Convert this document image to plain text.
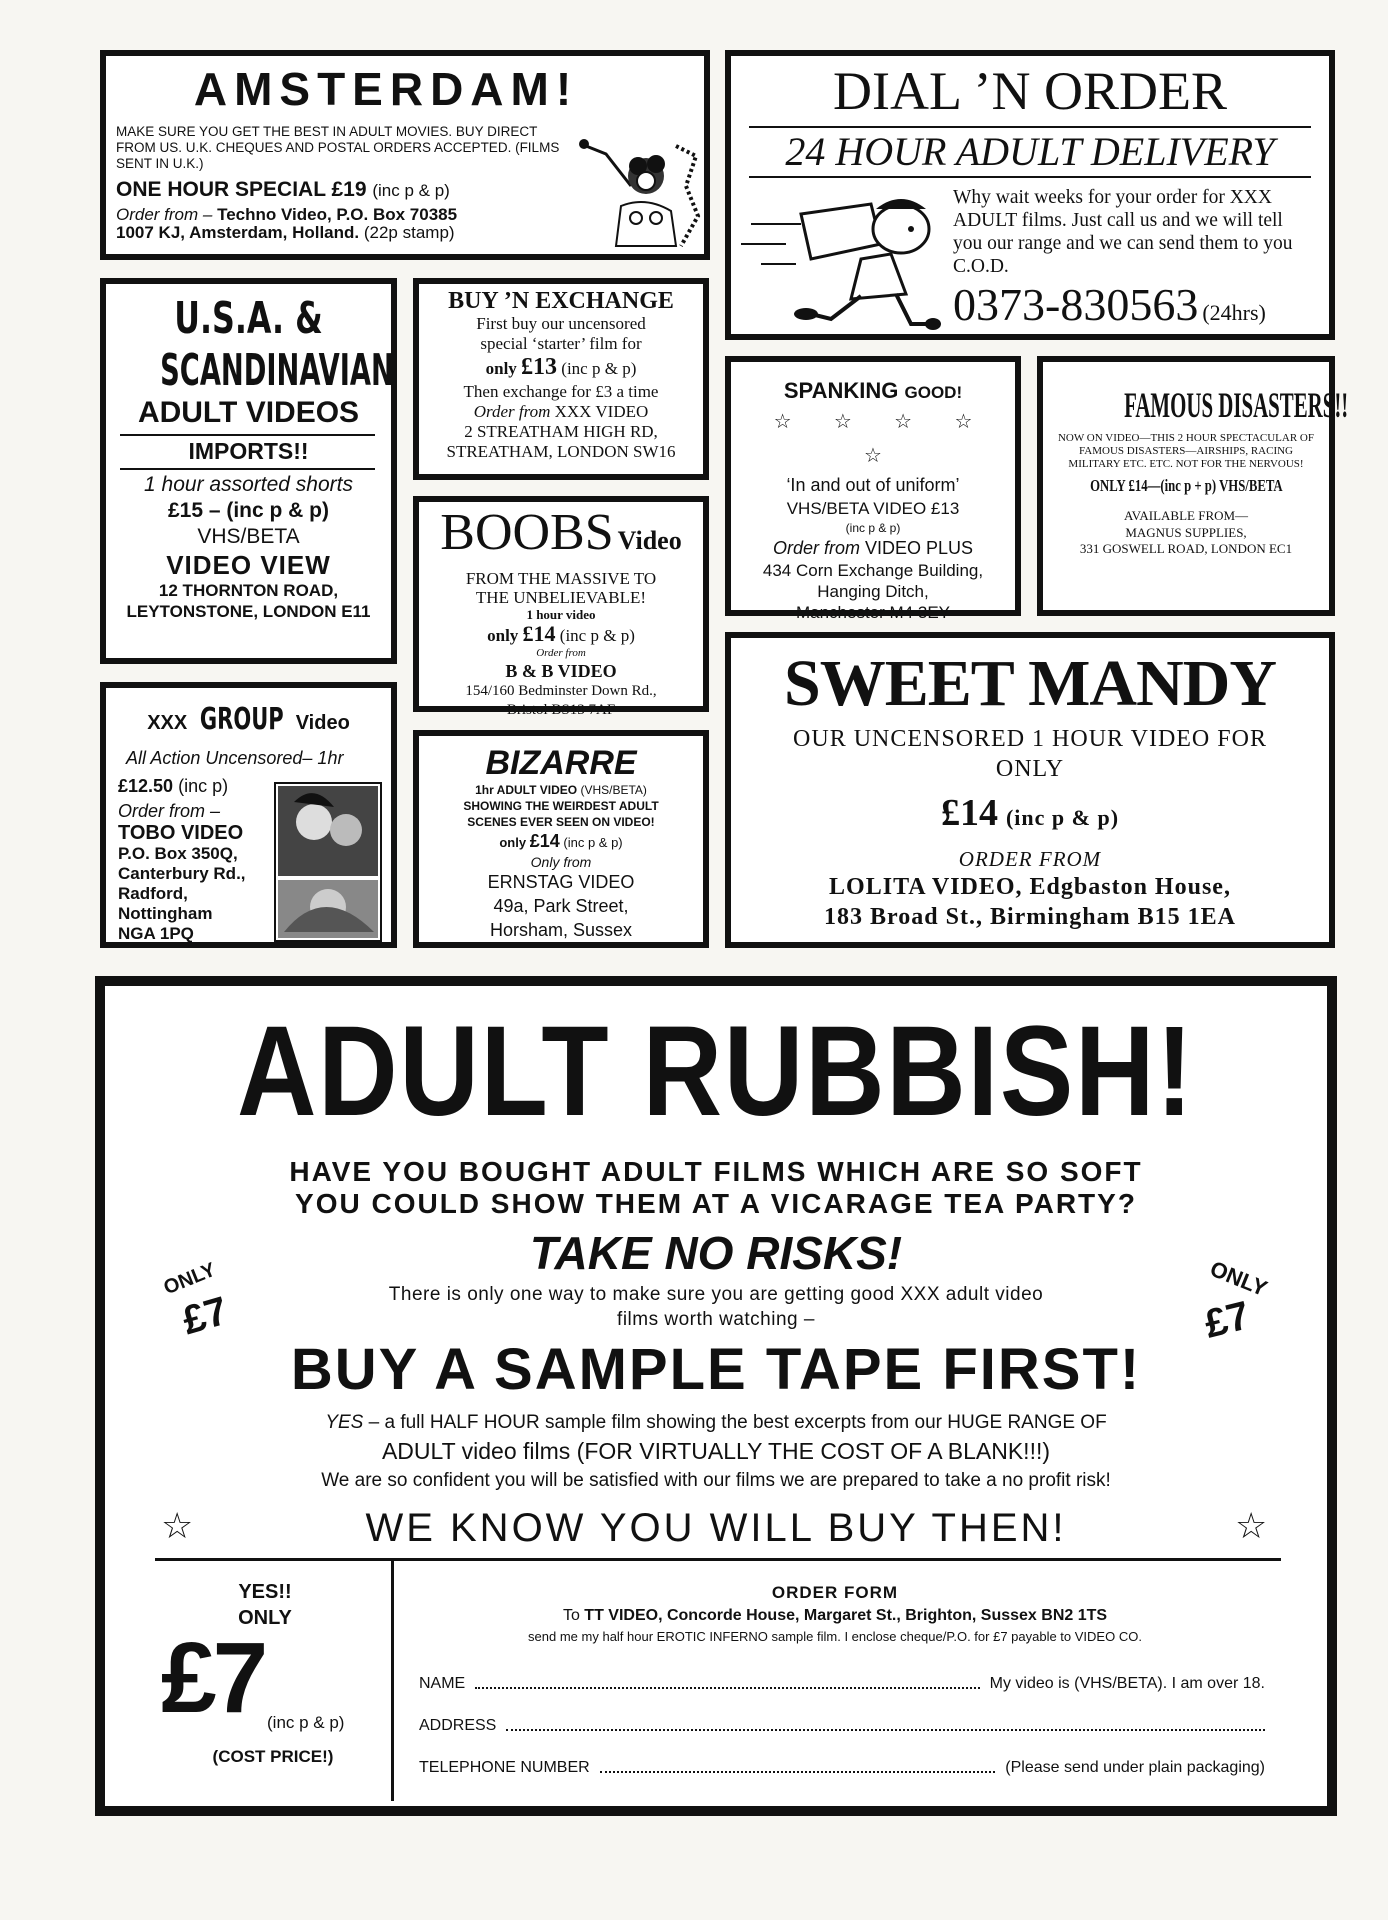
AMSTERDAM!
MAKE SURE YOU GET THE BEST IN ADULT MOVIES. BUY DIRECT FROM US. U.K. CHEQUES AND POSTAL ORDERS ACCEPTED. (FILMS SENT IN U.K.)
ONE HOUR SPECIAL £19 (inc p & p)
Order from – Techno Video, P.O. Box 70385
1007 KJ, Amsterdam, Holland. (22p stamp)
DIAL ’N ORDER
24 HOUR ADULT DELIVERY
Why wait weeks for your order for XXX ADULT films. Just call us and we will tell you our range and we can send them to you C.O.D.
0373-830563 (24hrs)
U.S.A. &
SCANDINAVIAN
ADULT VIDEOS
IMPORTS!!
1 hour assorted shorts
£15 – (inc p & p)
VHS/BETA
VIDEO VIEW
12 THORNTON ROAD,
LEYTONSTONE, LONDON E11
BUY ’N EXCHANGE
First buy our uncensored
special ‘starter’ film for
only £13 (inc p & p)
Then exchange for £3 a time
Order from XXX VIDEO
2 STREATHAM HIGH RD,
STREATHAM, LONDON SW16
SPANKING GOOD!
☆ ☆ ☆ ☆ ☆
‘In and out of uniform’
VHS/BETA VIDEO £13
(inc p & p)
Order from VIDEO PLUS
434 Corn Exchange Building,
Hanging Ditch,
Manchester M4 3EY
FAMOUS DISASTERS!!
NOW ON VIDEO—THIS 2 HOUR SPECTACULAR OF FAMOUS DISASTERS—AIRSHIPS, RACING MILITARY ETC. ETC. NOT FOR THE NERVOUS!
ONLY £14—(inc p + p) VHS/BETA
AVAILABLE FROM—
MAGNUS SUPPLIES,
331 GOSWELL ROAD, LONDON EC1
BOOBS Video
FROM THE MASSIVE TO
THE UNBELIEVABLE!
1 hour video
only £14 (inc p & p)
Order from
B & B VIDEO
154/160 Bedminster Down Rd.,
Bristol BS13 7AF	SWEET MANDY
OUR UNCENSORED 1 HOUR VIDEO FOR
ONLY
£14 (inc p & p)
ORDER FROM
LOLITA VIDEO, Edgbaston House,
183 Broad St., Birmingham B15 1EA
XXX GROUP Video
All Action Uncensored– 1hr
£12.50 (inc p)
Order from –
TOBO VIDEO
P.O. Box 350Q,
Canterbury Rd.,
Radford,
Nottingham
NGA 1PQ
BIZARRE
1hr ADULT VIDEO (VHS/BETA)
SHOWING THE WEIRDEST ADULT
SCENES EVER SEEN ON VIDEO!
only £14 (inc p & p)
Only from
ERNSTAG VIDEO
49a, Park Street,
Horsham, Sussex
ADULT RUBBISH!
HAVE YOU BOUGHT ADULT FILMS WHICH ARE SO SOFT
YOU COULD SHOW THEM AT A VICARAGE TEA PARTY?
TAKE NO RISKS!
ONLY
£7
ONLY
£7
There is only one way to make sure you are getting good XXX adult video
films worth watching –
BUY A SAMPLE TAPE FIRST!
YES – a full HALF HOUR sample film showing the best excerpts from our HUGE RANGE OF
ADULT video films (FOR VIRTUALLY THE COST OF A BLANK!!!)
We are so confident you will be satisfied with our films we are prepared to take a no profit risk!
☆	WE KNOW YOU WILL BUY THEN!	☆
YES!!
ONLY
£7 (inc p & p)
(COST PRICE!)
ORDER FORM
To TT VIDEO, Concorde House, Margaret St., Brighton, Sussex BN2 1TS
send me my half hour EROTIC INFERNO sample film. I enclose cheque/P.O. for £7 payable to VIDEO CO.
NAME	My video is (VHS/BETA). I am over 18.
ADDRESS
TELEPHONE NUMBER	(Please send under plain packaging)
